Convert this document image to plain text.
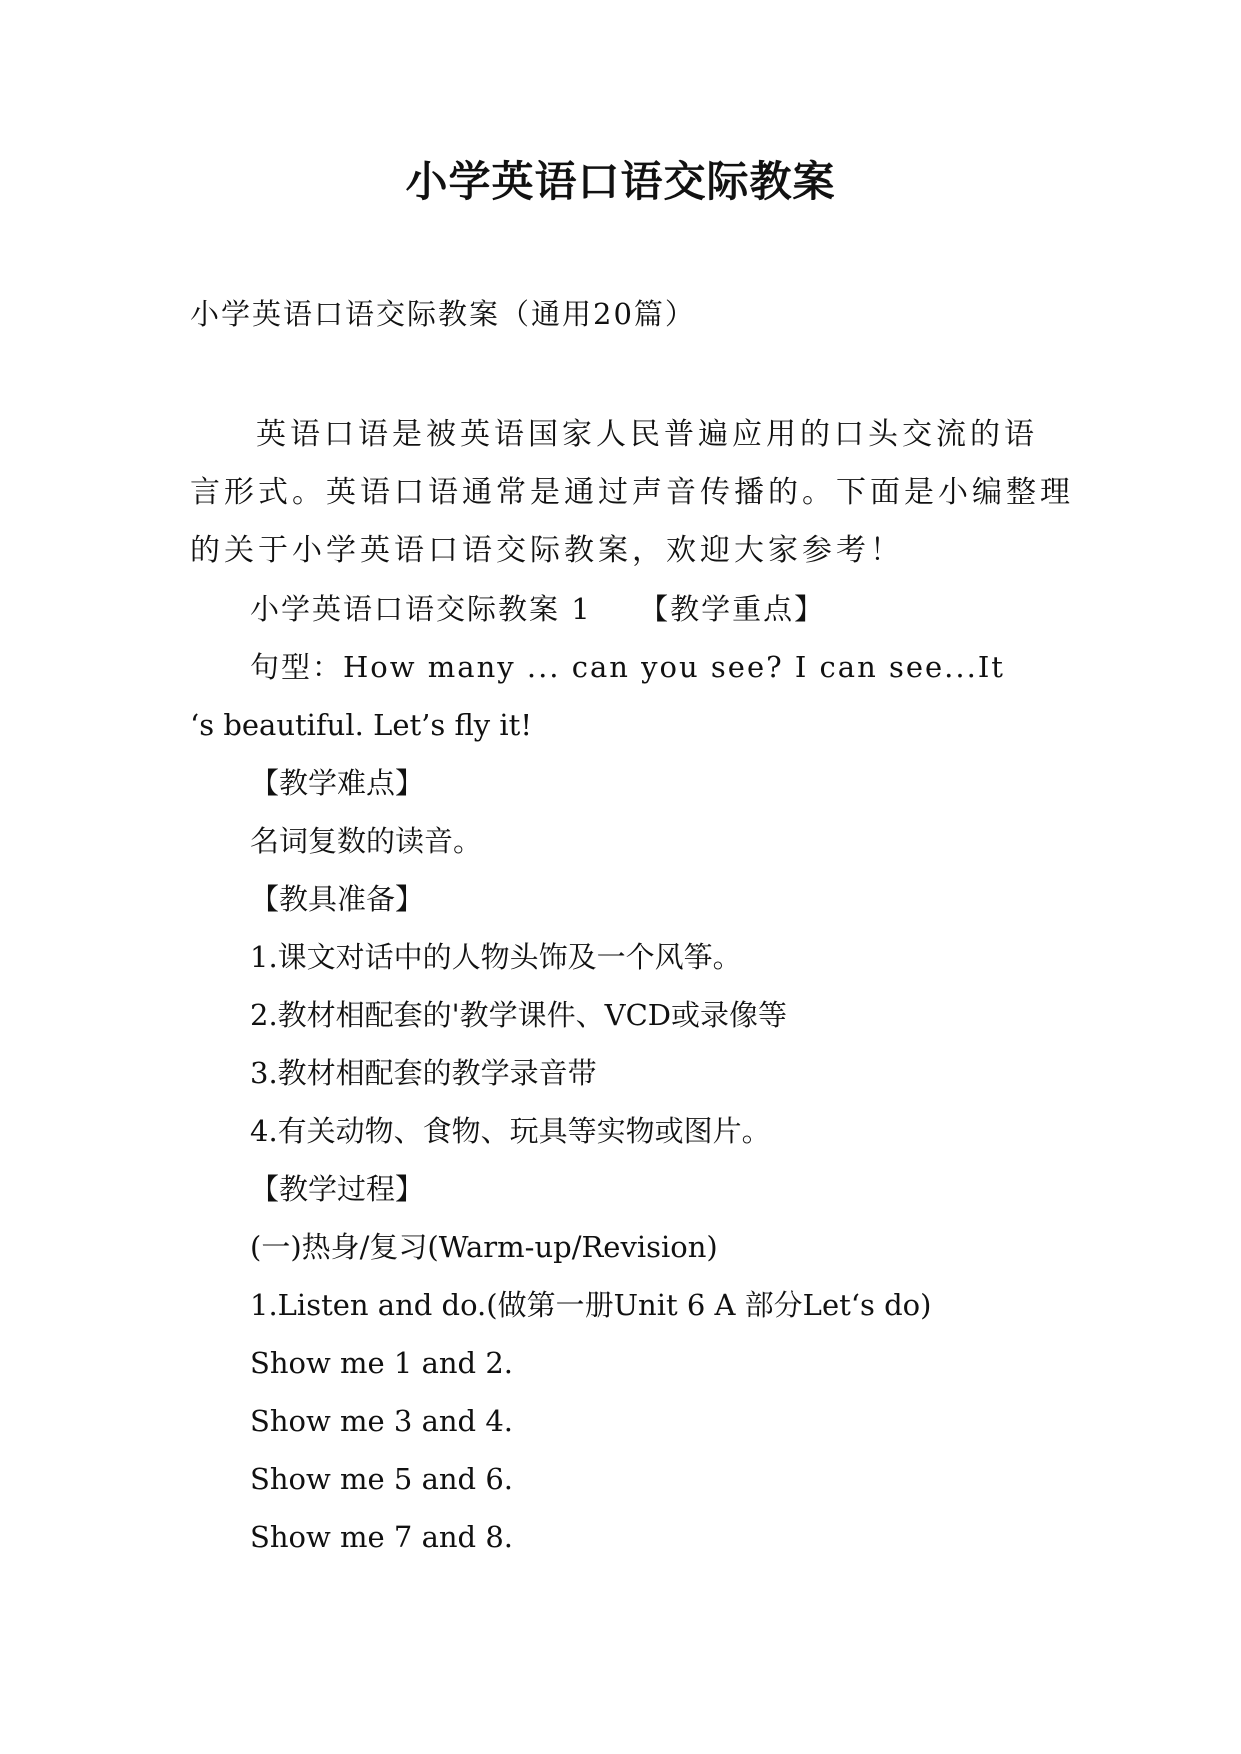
小学英语口语交际教案
小学英语口语交际教案（通用20篇）
英语口语是被英语国家人民普遍应用的口头交流的语
言形式。英语口语通常是通过声音传播的。下面是小编整理
的关于小学英语口语交际教案，欢迎大家参考！
小学英语口语交际教案 1　　【教学重点】
句型：How many ... can you see? I can see...It
‘s beautiful. Let’s fly it!
【教学难点】
名词复数的读音。
【教具准备】
1.课文对话中的人物头饰及一个风筝。
2.教材相配套的'教学课件、VCD或录像等
3.教材相配套的教学录音带
4.有关动物、食物、玩具等实物或图片。
【教学过程】
(一)热身/复习(Warm-up/Revision)
1.Listen and do.(做第一册Unit 6 A 部分Let‘s do)
Show me 1 and 2.
Show me 3 and 4.
Show me 5 and 6.
Show me 7 and 8.
